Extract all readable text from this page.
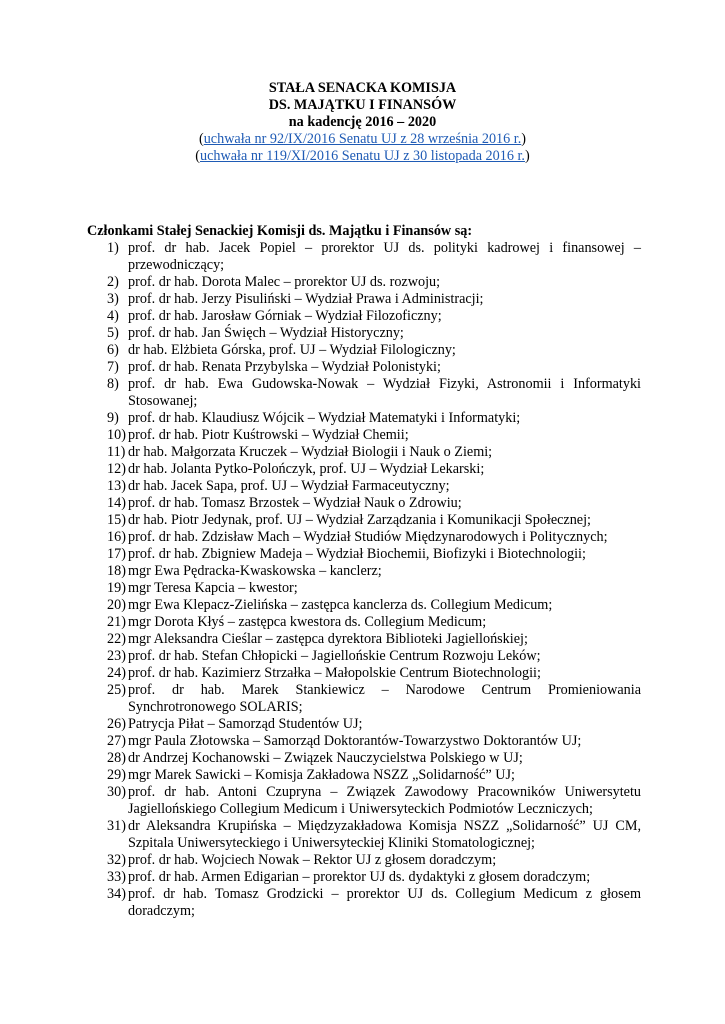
STAŁA SENACKA KOMISJA
DS. MAJĄTKU I FINANSÓW
na kadencję 2016 – 2020
(uchwała nr 92/IX/2016 Senatu UJ z 28 września 2016 r.)
(uchwała nr 119/XI/2016 Senatu UJ z 30 listopada 2016 r.)
Członkami Stałej Senackiej Komisji ds. Majątku i Finansów są:
1) prof. dr hab. Jacek Popiel – prorektor UJ ds. polityki kadrowej i finansowej – przewodniczący;
2) prof. dr hab. Dorota Malec – prorektor UJ ds. rozwoju;
3) prof. dr hab. Jerzy Pisuliński – Wydział Prawa i Administracji;
4) prof. dr hab. Jarosław Górniak – Wydział Filozoficzny;
5) prof. dr hab. Jan Święch – Wydział Historyczny;
6) dr hab. Elżbieta Górska, prof. UJ – Wydział Filologiczny;
7) prof. dr hab. Renata Przybylska – Wydział Polonistyki;
8) prof. dr hab. Ewa Gudowska-Nowak – Wydział Fizyki, Astronomii i Informatyki Stosowanej;
9) prof. dr hab. Klaudiusz Wójcik – Wydział Matematyki i Informatyki;
10) prof. dr hab. Piotr Kuśtrowski – Wydział Chemii;
11) dr hab. Małgorzata Kruczek – Wydział Biologii i Nauk o Ziemi;
12) dr hab. Jolanta Pytko-Polończyk, prof. UJ – Wydział Lekarski;
13) dr hab. Jacek Sapa, prof. UJ – Wydział Farmaceutyczny;
14) prof. dr hab. Tomasz Brzostek – Wydział Nauk o Zdrowiu;
15) dr hab. Piotr Jedynak, prof. UJ – Wydział Zarządzania i Komunikacji Społecznej;
16) prof. dr hab. Zdzisław Mach – Wydział Studiów Międzynarodowych i Politycznych;
17) prof. dr hab. Zbigniew Madeja – Wydział Biochemii, Biofizyki i Biotechnologii;
18) mgr Ewa Pędracka-Kwaskowska – kanclerz;
19) mgr Teresa Kapcia – kwestor;
20) mgr Ewa Klepacz-Zielińska – zastępca kanclerza ds. Collegium Medicum;
21) mgr Dorota Kłyś – zastępca kwestora ds. Collegium Medicum;
22) mgr Aleksandra Cieślar – zastępca dyrektora Biblioteki Jagiellońskiej;
23) prof. dr hab. Stefan Chłopicki – Jagiellońskie Centrum Rozwoju Leków;
24) prof. dr hab. Kazimierz Strzałka – Małopolskie Centrum Biotechnologii;
25) prof. dr hab. Marek Stankiewicz – Narodowe Centrum Promieniowania Synchrotronowego SOLARIS;
26) Patrycja Piłat – Samorząd Studentów UJ;
27) mgr Paula Złotowska – Samorząd Doktorantów-Towarzystwo Doktorantów UJ;
28) dr Andrzej Kochanowski – Związek Nauczycielstwa Polskiego w UJ;
29) mgr Marek Sawicki – Komisja Zakładowa NSZZ „Solidarność” UJ;
30) prof. dr hab. Antoni Czupryna – Związek Zawodowy Pracowników Uniwersytetu Jagiellońskiego Collegium Medicum i Uniwersyteckich Podmiotów Leczniczych;
31) dr Aleksandra Krupińska – Międzyzakładowa Komisja NSZZ „Solidarność” UJ CM, Szpitala Uniwersyteckiego i Uniwersyteckiej Kliniki Stomatologicznej;
32) prof. dr hab. Wojciech Nowak – Rektor UJ z głosem doradczym;
33) prof. dr hab. Armen Edigarian – prorektor UJ ds. dydaktyki z głosem doradczym;
34) prof. dr hab. Tomasz Grodzicki – prorektor UJ ds. Collegium Medicum z głosem doradczym;
